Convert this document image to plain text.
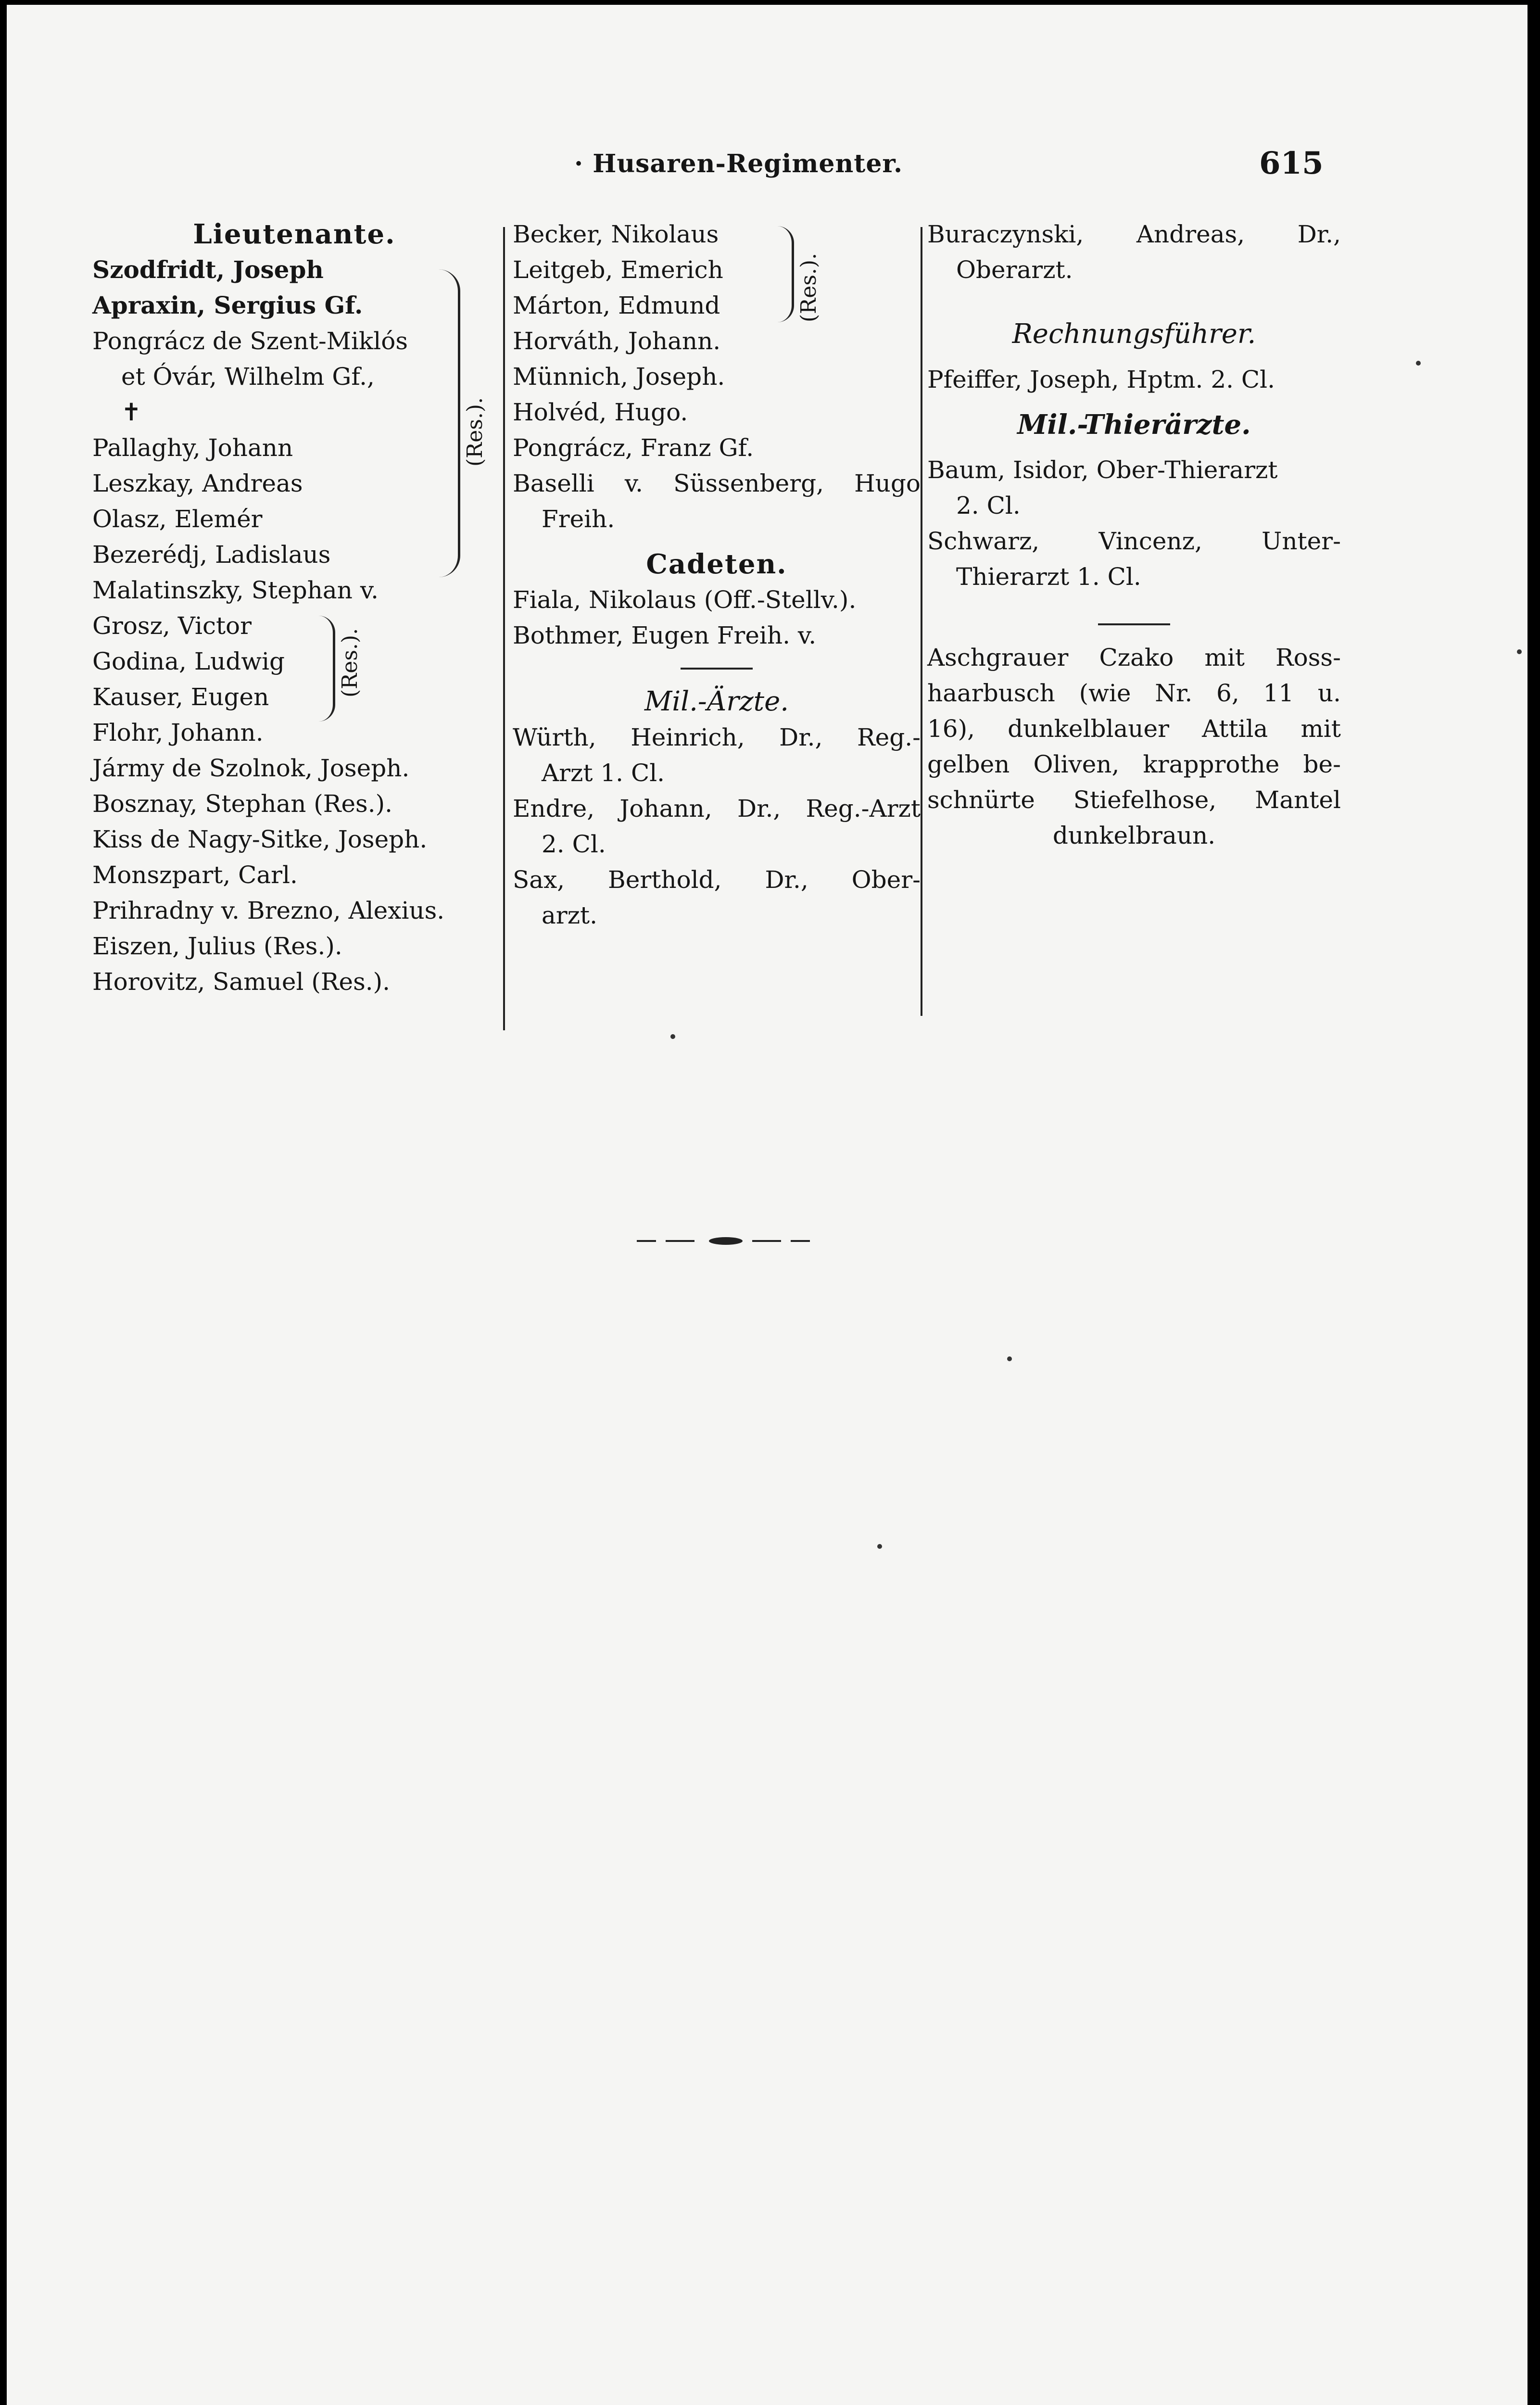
· Husaren-Regimenter.	615
Lieutenante.
Szodfridt, Joseph
Apraxin, Sergius Gf.
Pongrácz de Szent-Miklós
et Óvár, Wilhelm Gf.,
✝
Pallaghy, Johann
Leszkay, Andreas
Olasz, Elemér
Bezerédj, Ladislaus
Malatinszky, Stephan v.
Grosz, Victor
Godina, Ludwig
Kauser, Eugen
Flohr, Johann.
Jármy de Szolnok, Joseph.
Bosznay, Stephan (Res.).
Kiss de Nagy-Sitke, Joseph.
Monszpart, Carl.
Prihradny v. Brezno, Alexius.
Eiszen, Julius (Res.).
Horovitz, Samuel (Res.).
(Res.).
(Res.).
Becker, Nikolaus
Leitgeb, Emerich
Márton, Edmund
Horváth, Johann.
Münnich, Joseph.
Holvéd, Hugo.
Pongrácz, Franz Gf.
Baselli v. Süssenberg, Hugo
Freih.
(Res.).
Cadeten.
Fiala, Nikolaus (Off.-Stellv.).
Bothmer, Eugen Freih. v.
Mil.-Ärzte.
Würth, Heinrich, Dr., Reg.-
Arzt 1. Cl.
Endre, Johann, Dr., Reg.-Arzt
2. Cl.
Sax, Berthold, Dr., Ober-
arzt.
Buraczynski, Andreas, Dr.,
Oberarzt.
Rechnungsführer.
Pfeiffer, Joseph, Hptm. 2. Cl.
Mil.-Thierärzte.
Baum, Isidor, Ober-Thierarzt
2. Cl.
Schwarz, Vincenz, Unter-
Thierarzt 1. Cl.
Aschgrauer Czako mit Ross-
haarbusch (wie Nr. 6, 11 u.
16), dunkelblauer Attila mit
gelben Oliven, krapprothe be-
schnürte Stiefelhose, Mantel
dunkelbraun.
